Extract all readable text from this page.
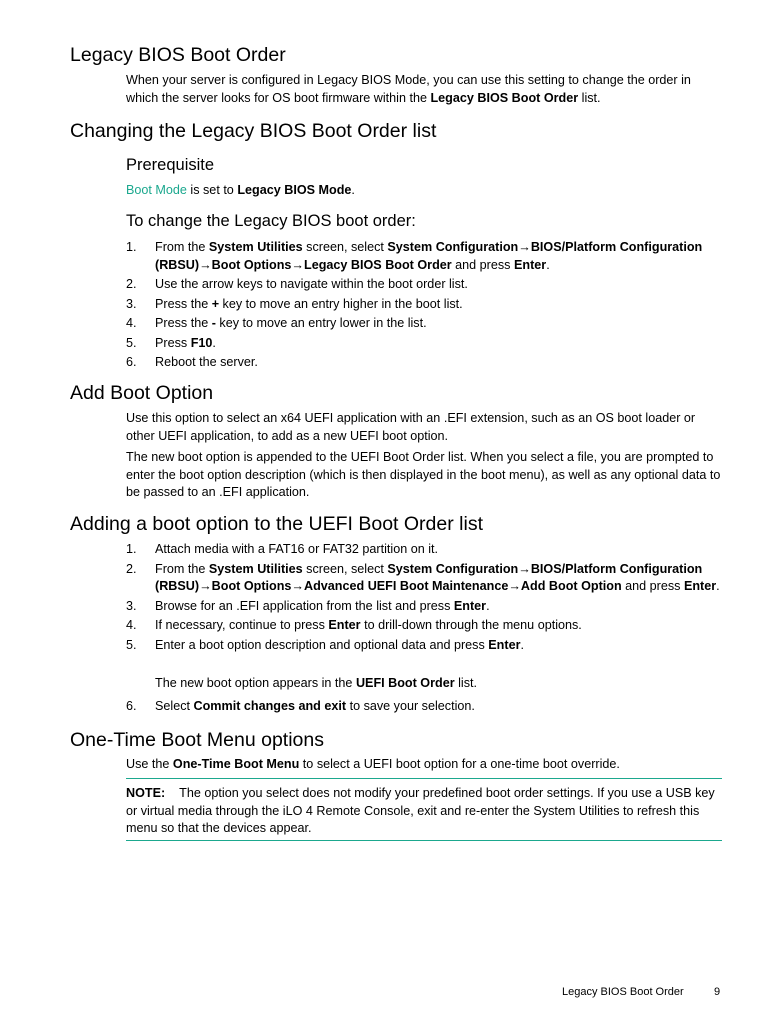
Legacy BIOS Boot Order

When your server is configured in Legacy BIOS Mode, you can use this setting to change the order in which the server looks for OS boot firmware within the Legacy BIOS Boot Order list.

Changing the Legacy BIOS Boot Order list
Prerequisite

Boot Mode is set to Legacy BIOS Mode.

To change the Legacy BIOS boot order:
1. From the System Utilities screen, select System Configuration→BIOS/Platform Configuration (RBSU)→Boot Options→Legacy BIOS Boot Order and press Enter.
2. Use the arrow keys to navigate within the boot order list.
3. Press the + key to move an entry higher in the boot list.
4. Press the - key to move an entry lower in the list.
5. Press F10.
6. Reboot the server.
Add Boot Option

Use this option to select an x64 UEFI application with an .EFI extension, such as an OS boot loader or other UEFI application, to add as a new UEFI boot option.

The new boot option is appended to the UEFI Boot Order list. When you select a file, you are prompted to enter the boot option description (which is then displayed in the boot menu), as well as any optional data to be passed to an .EFI application.

Adding a boot option to the UEFI Boot Order list
1. Attach media with a FAT16 or FAT32 partition on it.
2. From the System Utilities screen, select System Configuration→BIOS/Platform Configuration (RBSU)→Boot Options→Advanced UEFI Boot Maintenance→Add Boot Option and press Enter.
3. Browse for an .EFI application from the list and press Enter.
4. If necessary, continue to press Enter to drill-down through the menu options.
5. Enter a boot option description and optional data and press Enter.

The new boot option appears in the UEFI Boot Order list.

6. Select Commit changes and exit to save your selection.
One-Time Boot Menu options

Use the One-Time Boot Menu to select a UEFI boot option for a one-time boot override.

NOTE:    The option you select does not modify your predefined boot order settings. If you use a USB key or virtual media through the iLO 4 Remote Console, exit and re-enter the System Utilities to refresh this menu so that the devices appear.

Legacy BIOS Boot Order	9
